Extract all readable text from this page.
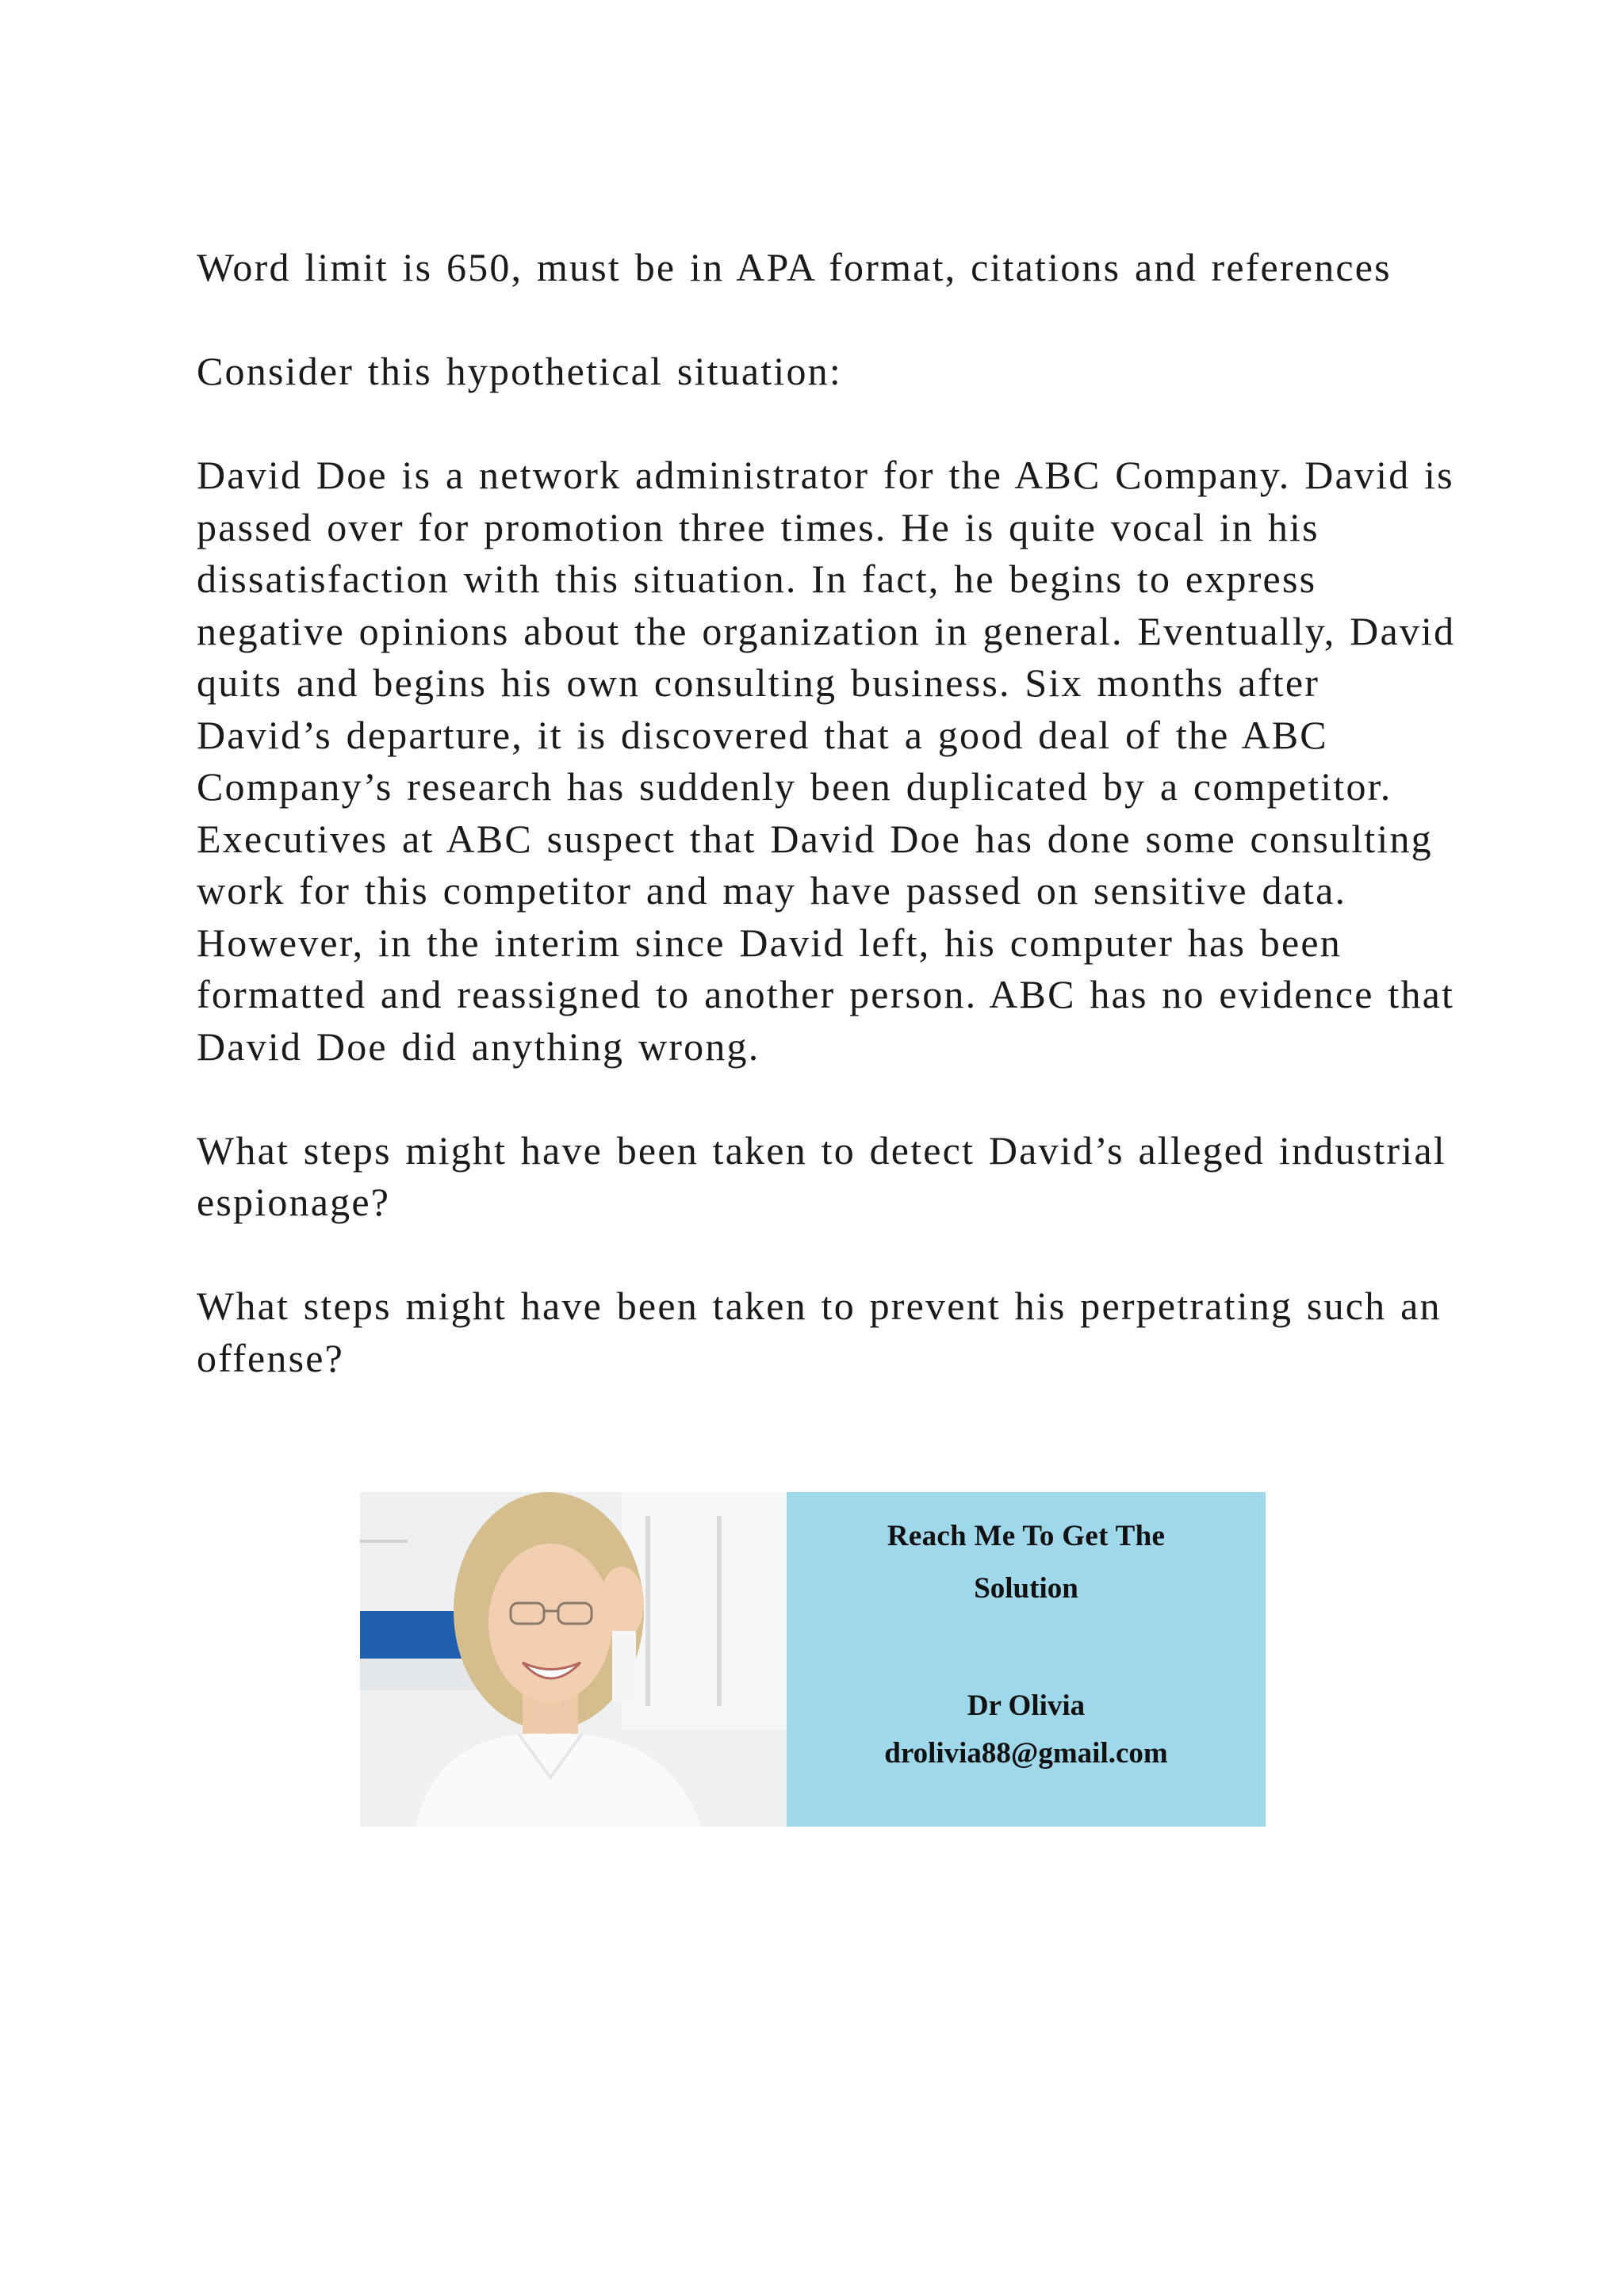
Word limit is 650, must be in APA format, citations and references

Consider this hypothetical situation:

David Doe is a network administrator for the ABC Company. David is passed over for promotion three times. He is quite vocal in his dissatisfaction with this situation. In fact, he begins to express negative opinions about the organization in general. Eventually, David quits and begins his own consulting business. Six months after David’s departure, it is discovered that a good deal of the ABC Company’s research has suddenly been duplicated by a competitor. Executives at ABC suspect that David Doe has done some consulting work for this competitor and may have passed on sensitive data. However, in the interim since David left, his computer has been formatted and reassigned to another person. ABC has no evidence that David Doe did anything wrong.

What steps might have been taken to detect David’s alleged industrial espionage?

What steps might have been taken to prevent his perpetrating such an offense?

Reach Me To Get The
Solution
Dr Olivia
drolivia88@gmail.com
